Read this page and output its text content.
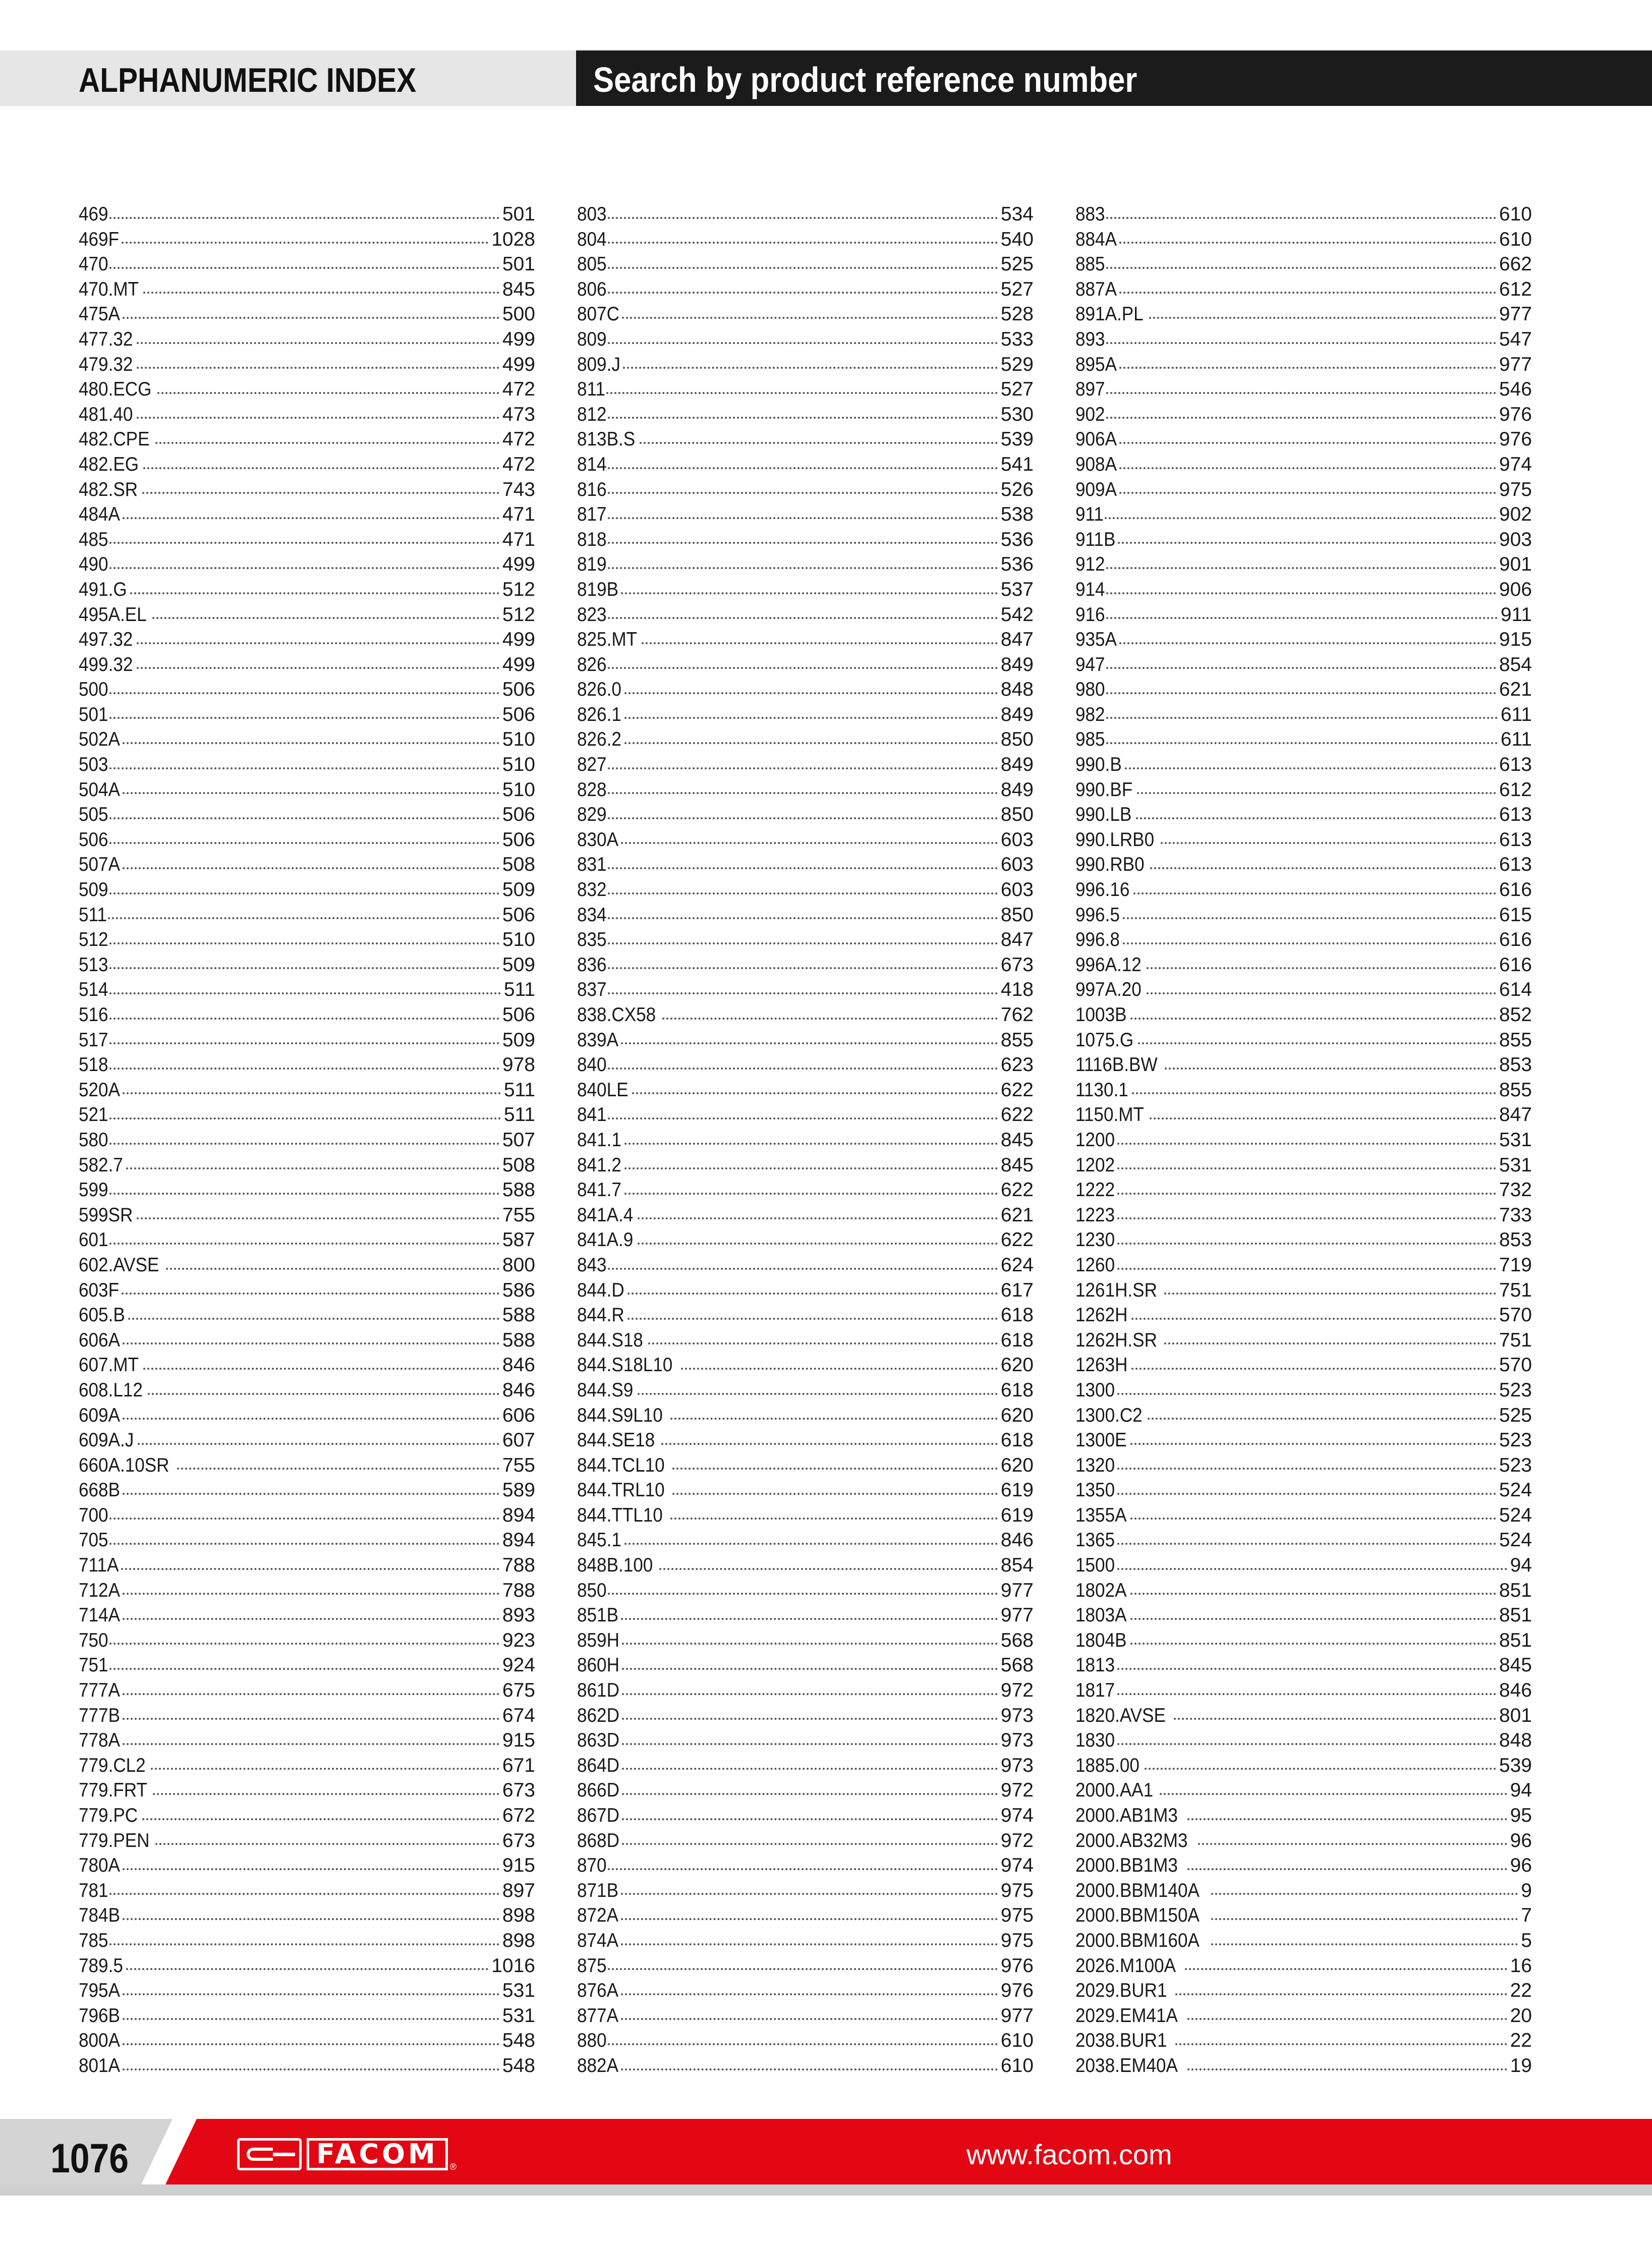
ALPHANUMERIC INDEX	Search by product reference number
469	501
469F	1028
470	501
470.MT	845
475A	500
477.32	499
479.32	499
480.ECG	472
481.40	473
482.CPE	472
482.EG	472
482.SR	743
484A	471
485	471
490	499
491.G	512
495A.EL	512
497.32	499
499.32	499
500	506
501	506
502A	510
503	510
504A	510
505	506
506	506
507A	508
509	509
511	506
512	510
513	509
514	511
516	506
517	509
518	978
520A	511
521	511
580	507
582.7	508
599	588
599SR	755
601	587
602.AVSE	800
603F	586
605.B	588
606A	588
607.MT	846
608.L12	846
609A	606
609A.J	607
660A.10SR	755
668B	589
700	894
705	894
711A	788
712A	788
714A	893
750	923
751	924
777A	675
777B	674
778A	915
779.CL2	671
779.FRT	673
779.PC	672
779.PEN	673
780A	915
781	897
784B	898
785	898
789.5	1016
795A	531
796B	531
800A	548
801A	548
803	534
804	540
805	525
806	527
807C	528
809	533
809.J	529
811	527
812	530
813B.S	539
814	541
816	526
817	538
818	536
819	536
819B	537
823	542
825.MT	847
826	849
826.0	848
826.1	849
826.2	850
827	849
828	849
829	850
830A	603
831	603
832	603
834	850
835	847
836	673
837	418
838.CX58	762
839A	855
840	623
840LE	622
841	622
841.1	845
841.2	845
841.7	622
841A.4	621
841A.9	622
843	624
844.D	617
844.R	618
844.S18	618
844.S18L10	620
844.S9	618
844.S9L10	620
844.SE18	618
844.TCL10	620
844.TRL10	619
844.TTL10	619
845.1	846
848B.100	854
850	977
851B	977
859H	568
860H	568
861D	972
862D	973
863D	973
864D	973
866D	972
867D	974
868D	972
870	974
871B	975
872A	975
874A	975
875	976
876A	976
877A	977
880	610
882A	610
883	610
884A	610
885	662
887A	612
891A.PL	977
893	547
895A	977
897	546
902	976
906A	976
908A	974
909A	975
911	902
911B	903
912	901
914	906
916	911
935A	915
947	854
980	621
982	611
985	611
990.B	613
990.BF	612
990.LB	613
990.LRB0	613
990.RB0	613
996.16	616
996.5	615
996.8	616
996A.12	616
997A.20	614
1003B	852
1075.G	855
1116B.BW	853
1130.1	855
1150.MT	847
1200	531
1202	531
1222	732
1223	733
1230	853
1260	719
1261H.SR	751
1262H	570
1262H.SR	751
1263H	570
1300	523
1300.C2	525
1300E	523
1320	523
1350	524
1355A	524
1365	524
1500	94
1802A	851
1803A	851
1804B	851
1813	845
1817	846
1820.AVSE	801
1830	848
1885.00	539
2000.AA1	94
2000.AB1M3	95
2000.AB32M3	96
2000.BB1M3	96
2000.BBM140A	9
2000.BBM150A	7
2000.BBM160A	5
2026.M100A	16
2029.BUR1	22
2029.EM41A	20
2038.BUR1	22
2038.EM40A	19
1076	FACOM	®	www.facom.com
